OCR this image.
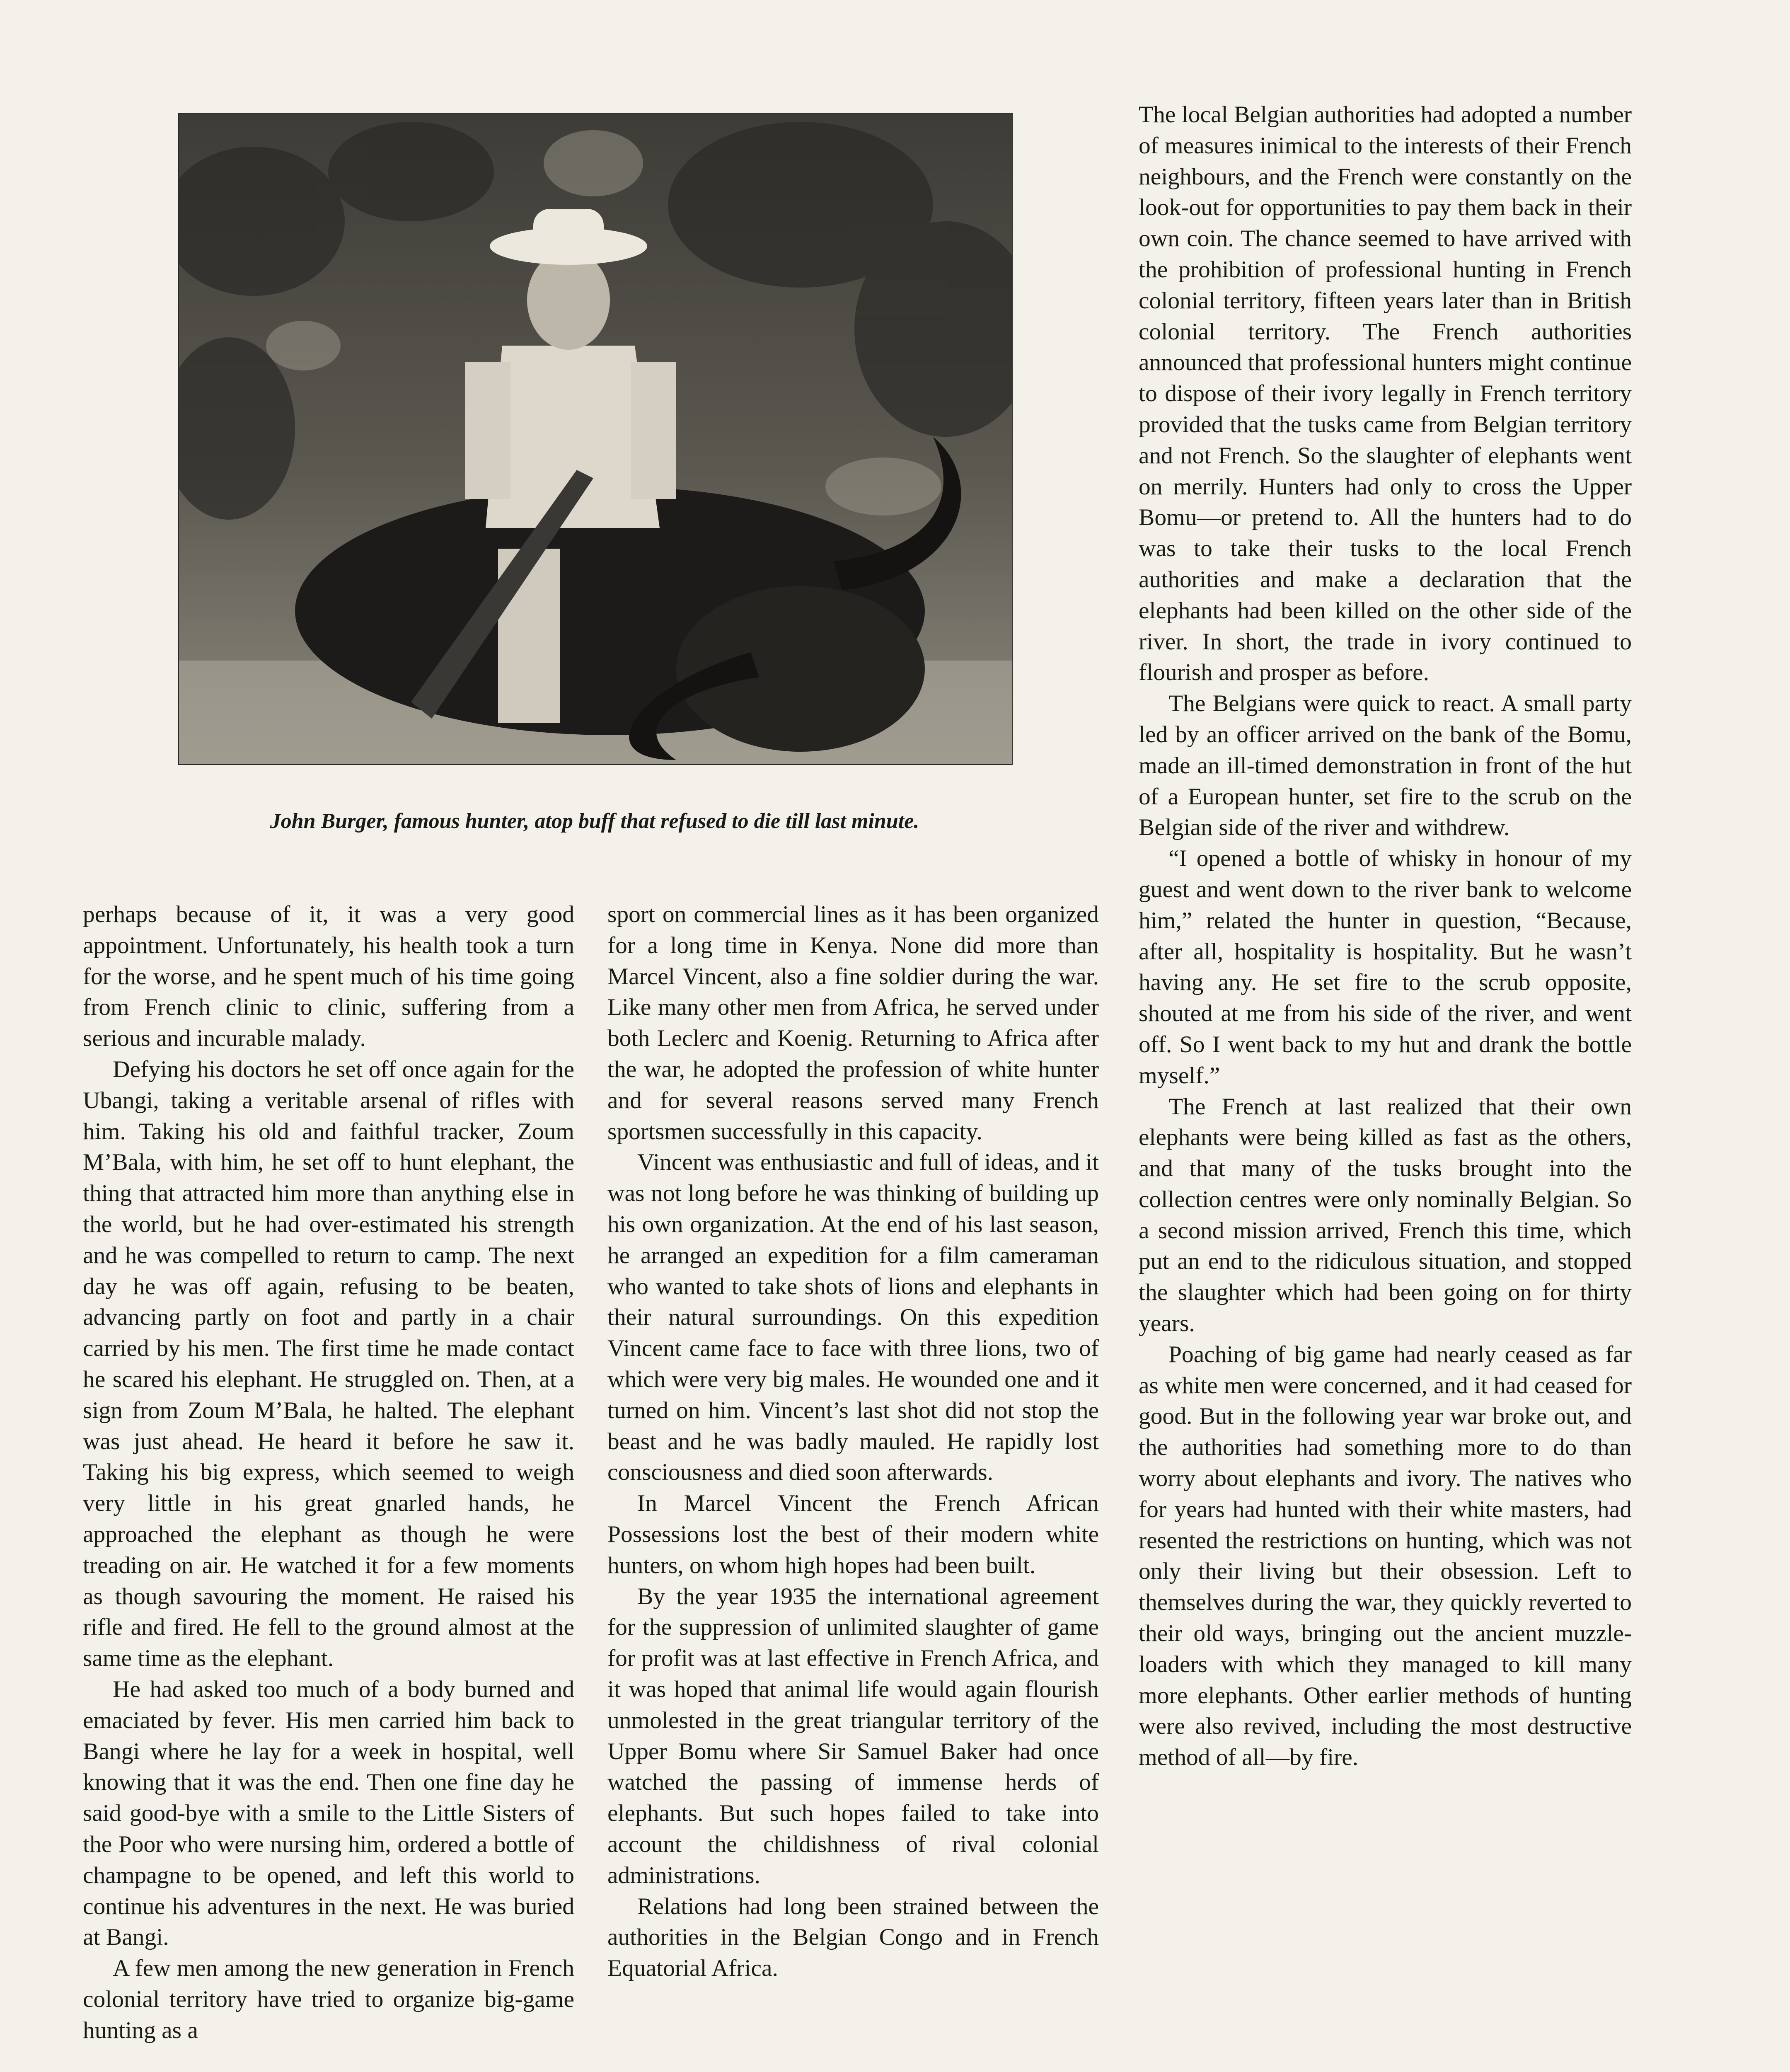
John Burger, famous hunter, atop buff that refused to die till last minute.

perhaps because of it, it was a very good appointment. Unfortunately, his health took a turn for the worse, and he spent much of his time going from French clinic to clinic, suffering from a serious and incurable malady.

Defying his doctors he set off once again for the Ubangi, taking a veritable arsenal of rifles with him. Taking his old and faithful tracker, Zoum M’Bala, with him, he set off to hunt elephant, the thing that attracted him more than anything else in the world, but he had over-estimated his strength and he was compelled to return to camp. The next day he was off again, refusing to be beaten, advancing partly on foot and partly in a chair carried by his men. The first time he made contact he scared his elephant. He struggled on. Then, at a sign from Zoum M’Bala, he halted. The elephant was just ahead. He heard it before he saw it. Taking his big express, which seemed to weigh very little in his great gnarled hands, he approached the elephant as though he were treading on air. He watched it for a few moments as though savouring the moment. He raised his rifle and fired. He fell to the ground almost at the same time as the elephant.

He had asked too much of a body burned and emaciated by fever. His men carried him back to Bangi where he lay for a week in hospital, well knowing that it was the end. Then one fine day he said good-bye with a smile to the Little Sisters of the Poor who were nursing him, ordered a bottle of champagne to be opened, and left this world to continue his adventures in the next. He was buried at Bangi.

A few men among the new generation in French colonial territory have tried to organize big-game hunting as a

sport on commercial lines as it has been organized for a long time in Kenya. None did more than Marcel Vincent, also a fine soldier during the war. Like many other men from Africa, he served under both Leclerc and Koenig. Returning to Africa after the war, he adopted the profession of white hunter and for several reasons served many French sportsmen successfully in this capacity.

Vincent was enthusiastic and full of ideas, and it was not long before he was thinking of building up his own organization. At the end of his last season, he arranged an expedition for a film cameraman who wanted to take shots of lions and elephants in their natural surroundings. On this expedition Vincent came face to face with three lions, two of which were very big males. He wounded one and it turned on him. Vincent’s last shot did not stop the beast and he was badly mauled. He rapidly lost consciousness and died soon afterwards.

In Marcel Vincent the French African Possessions lost the best of their modern white hunters, on whom high hopes had been built.

By the year 1935 the international agreement for the suppression of unlimited slaughter of game for profit was at last effective in French Africa, and it was hoped that animal life would again flourish unmolested in the great triangular territory of the Upper Bomu where Sir Samuel Baker had once watched the passing of immense herds of elephants. But such hopes failed to take into account the childishness of rival colonial administrations.

Relations had long been strained between the authorities in the Belgian Congo and in French Equatorial Africa.

The local Belgian authorities had adopted a number of measures inimical to the interests of their French neighbours, and the French were constantly on the look-out for opportunities to pay them back in their own coin. The chance seemed to have arrived with the prohibition of professional hunting in French colonial territory, fifteen years later than in British colonial territory. The French authorities announced that professional hunters might continue to dispose of their ivory legally in French territory provided that the tusks came from Belgian territory and not French. So the slaughter of elephants went on merrily. Hunters had only to cross the Upper Bomu—or pretend to. All the hunters had to do was to take their tusks to the local French authorities and make a declaration that the elephants had been killed on the other side of the river. In short, the trade in ivory continued to flourish and prosper as before.

The Belgians were quick to react. A small party led by an officer arrived on the bank of the Bomu, made an ill-timed demonstration in front of the hut of a European hunter, set fire to the scrub on the Belgian side of the river and withdrew.

“I opened a bottle of whisky in honour of my guest and went down to the river bank to welcome him,” related the hunter in question, “Because, after all, hospitality is hospitality. But he wasn’t having any. He set fire to the scrub opposite, shouted at me from his side of the river, and went off. So I went back to my hut and drank the bottle myself.”

The French at last realized that their own elephants were being killed as fast as the others, and that many of the tusks brought into the collection centres were only nominally Belgian. So a second mission arrived, French this time, which put an end to the ridiculous situation, and stopped the slaughter which had been going on for thirty years.

Poaching of big game had nearly ceased as far as white men were concerned, and it had ceased for good. But in the following year war broke out, and the authorities had something more to do than worry about elephants and ivory. The natives who for years had hunted with their white masters, had resented the restrictions on hunting, which was not only their living but their obsession. Left to themselves during the war, they quickly reverted to their old ways, bringing out the ancient muzzle-loaders with which they managed to kill many more elephants. Other earlier methods of hunting were also revived, including the most destructive method of all—by fire.
